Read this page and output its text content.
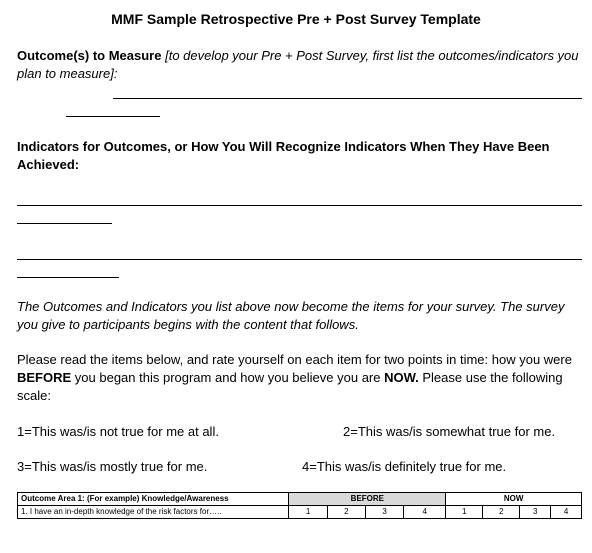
MMF Sample Retrospective Pre + Post Survey Template
Outcome(s) to Measure [to develop your Pre + Post Survey, first list the outcomes/indicators you plan to measure]:
Indicators for Outcomes, or How You Will Recognize Indicators When They Have Been Achieved:
The Outcomes and Indicators you list above now become the items for your survey. The survey you give to participants begins with the content that follows.
Please read the items below, and rate yourself on each item for two points in time: how you were BEFORE you began this program and how you believe you are NOW. Please use the following scale:
1=This was/is not true for me at all.	2=This was/is somewhat true for me.
3=This was/is mostly true for me.	4=This was/is definitely true for me.
Outcome Area 1: (For example) Knowledge/Awareness	BEFORE				NOW			
1. I have an in-depth knowledge of the risk factors for…..	1	2	3	4	1	2	3	4
